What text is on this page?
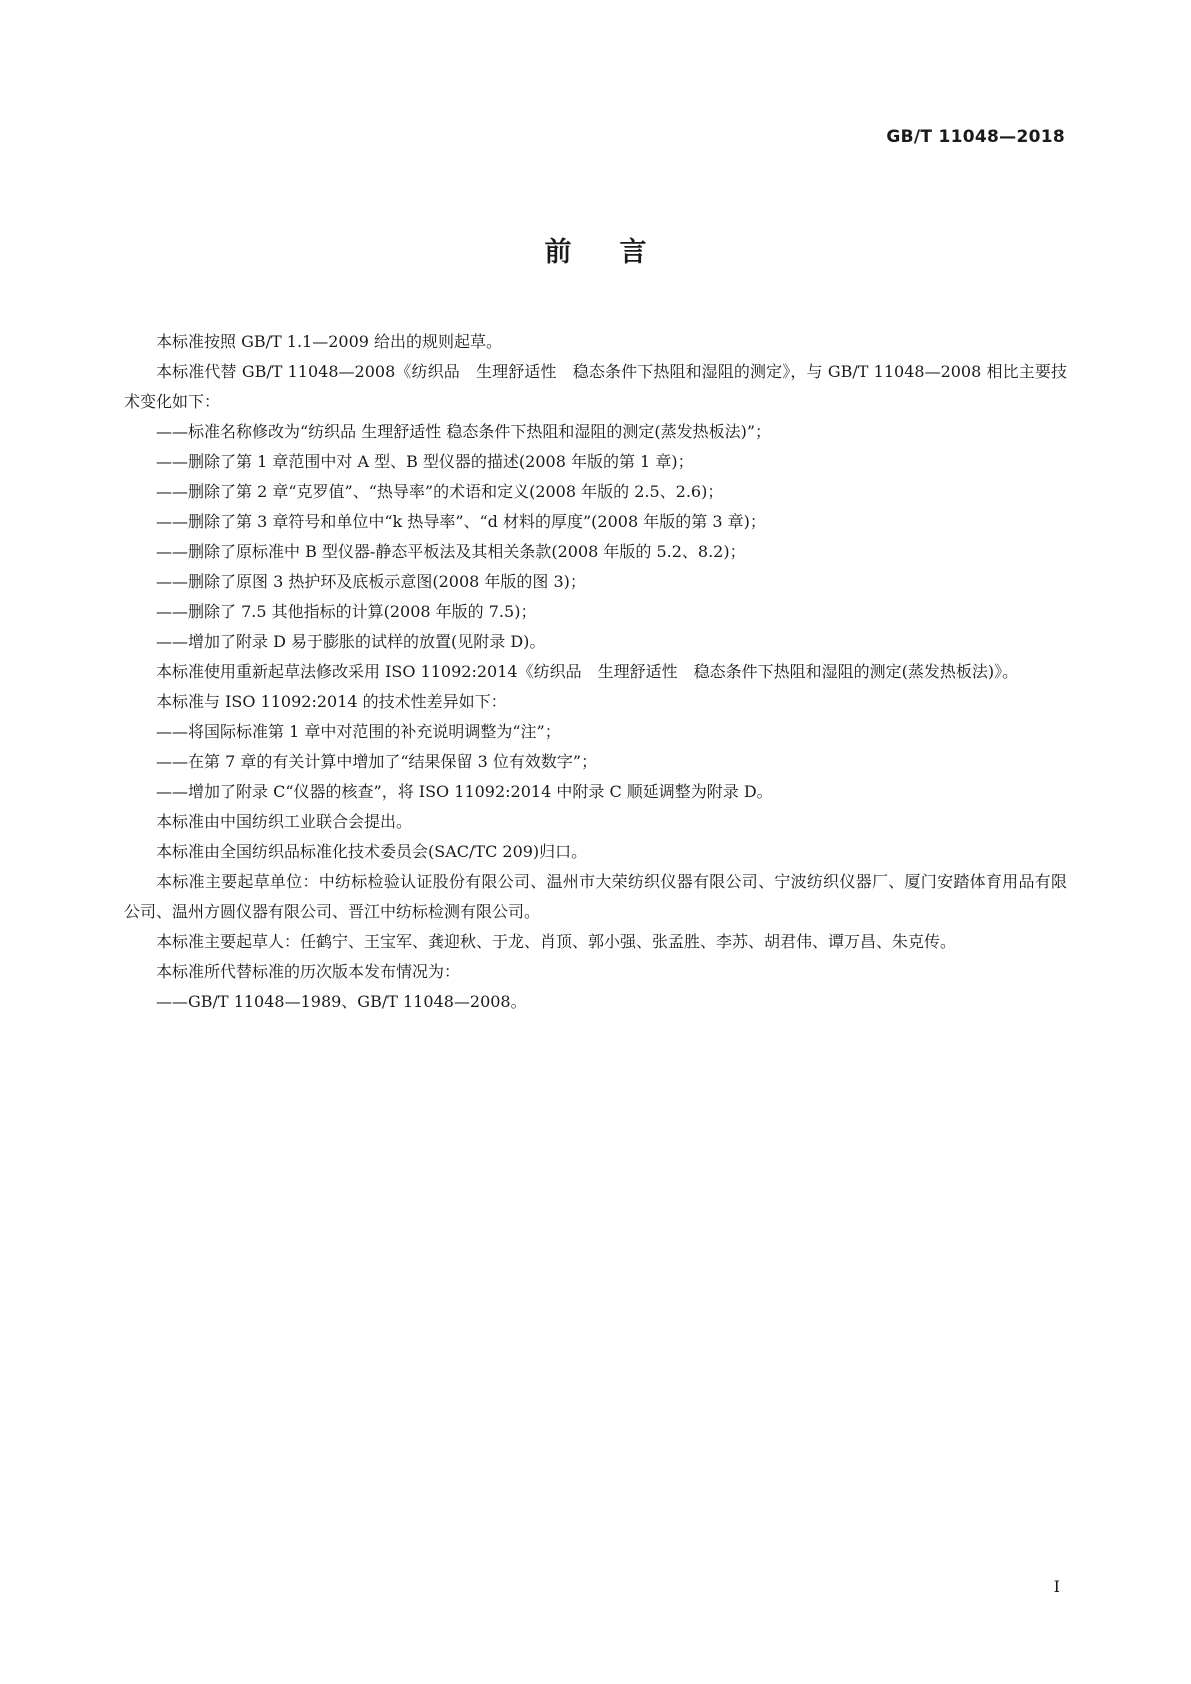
GB/T 11048—2018
前 言

本标准按照 GB/T 1.1—2009 给出的规则起草。

本标准代替 GB/T 11048—2008《纺织品　生理舒适性　稳态条件下热阻和湿阻的测定》，与 GB/T 11048—2008 相比主要技术变化如下：

——标准名称修改为“纺织品 生理舒适性 稳态条件下热阻和湿阻的测定(蒸发热板法)”；

——删除了第 1 章范围中对 A 型、B 型仪器的描述(2008 年版的第 1 章)；

——删除了第 2 章“克罗值”、“热导率”的术语和定义(2008 年版的 2.5、2.6)；

——删除了第 3 章符号和单位中“k 热导率”、“d 材料的厚度”(2008 年版的第 3 章)；

——删除了原标准中 B 型仪器-静态平板法及其相关条款(2008 年版的 5.2、8.2)；

——删除了原图 3 热护环及底板示意图(2008 年版的图 3)；

——删除了 7.5 其他指标的计算(2008 年版的 7.5)；

——增加了附录 D 易于膨胀的试样的放置(见附录 D)。

本标准使用重新起草法修改采用 ISO 11092:2014《纺织品　生理舒适性　稳态条件下热阻和湿阻的测定(蒸发热板法)》。

本标准与 ISO 11092:2014 的技术性差异如下：

——将国际标准第 1 章中对范围的补充说明调整为“注”；

——在第 7 章的有关计算中增加了“结果保留 3 位有效数字”；

——增加了附录 C“仪器的核查”，将 ISO 11092:2014 中附录 C 顺延调整为附录 D。

本标准由中国纺织工业联合会提出。

本标准由全国纺织品标准化技术委员会(SAC/TC 209)归口。

本标准主要起草单位：中纺标检验认证股份有限公司、温州市大荣纺织仪器有限公司、宁波纺织仪器厂、厦门安踏体育用品有限公司、温州方圆仪器有限公司、晋江中纺标检测有限公司。

本标准主要起草人：任鹤宁、王宝军、龚迎秋、于龙、肖顶、郭小强、张孟胜、李苏、胡君伟、谭万昌、朱克传。

本标准所代替标准的历次版本发布情况为：

——GB/T 11048—1989、GB/T 11048—2008。

I
